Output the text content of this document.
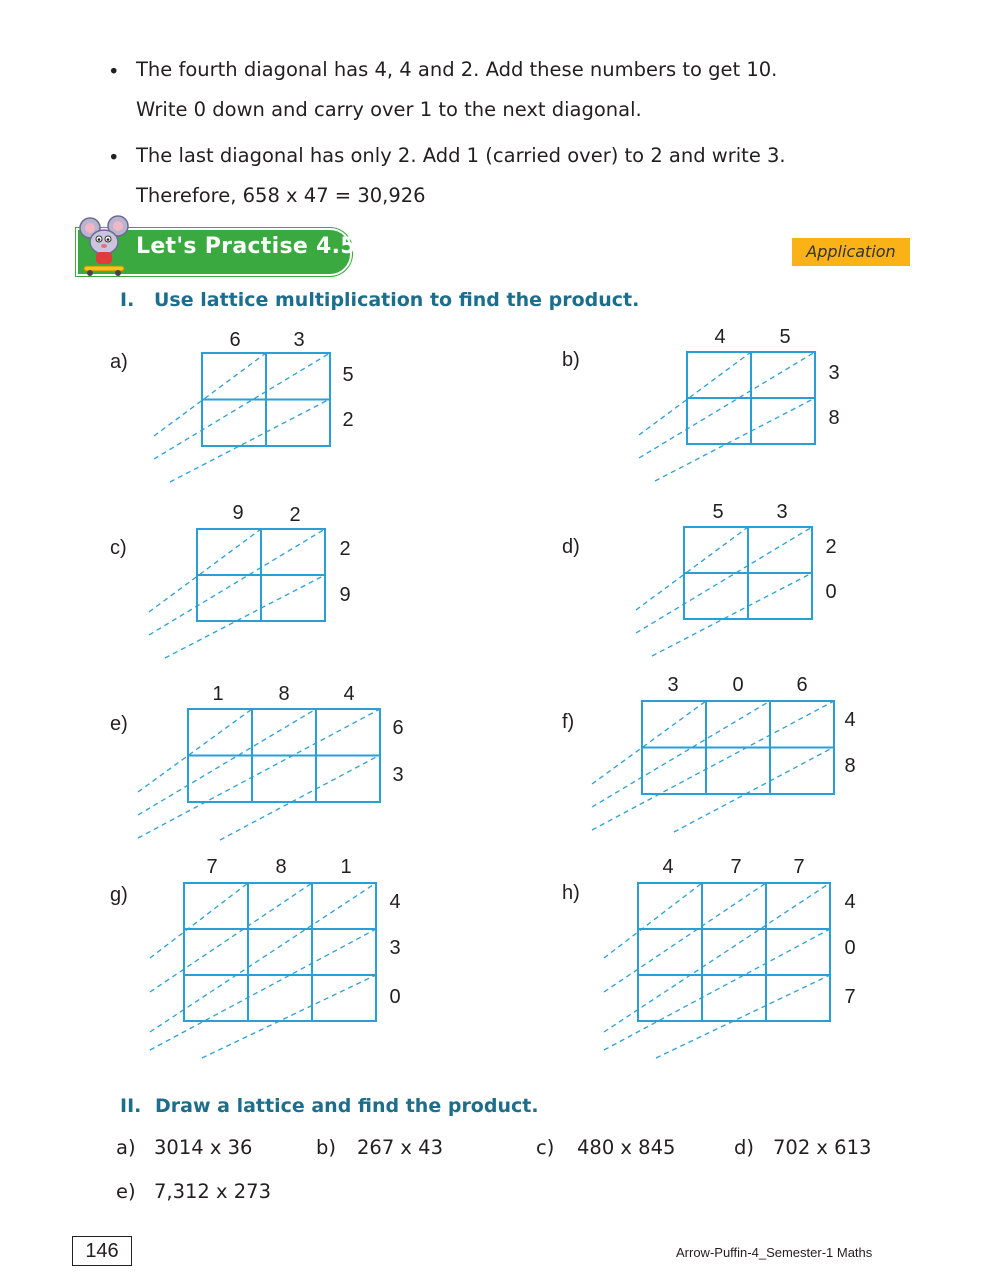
• The fourth diagonal has 4, 4 and 2. Add these numbers to get 10.
Write 0 down and carry over 1 to the next diagonal.
• The last diagonal has only 2. Add 1 (carried over) to 2 and write 3.
Therefore, 658 x 47 = 30,926
Let's Practise 4.5	Application
I. Use lattice multiplication to find the product.
a)
6	3
5
2
b)
4	5
3
8
c)
9	2
2
9
d)
5	3
2
0
e)
1	8	4
6
3
f)
3	0	6
4
8
g)
7	8	1
4
3
0
h)
4	7	7
4
0
7
II. Draw a lattice and find the product.
a) 3014 x 36	b) 267 x 43	c) 480 x 845	d) 702 x 613
e) 7,312 x 273
146	Arrow-Puffin-4_Semester-1 Maths
